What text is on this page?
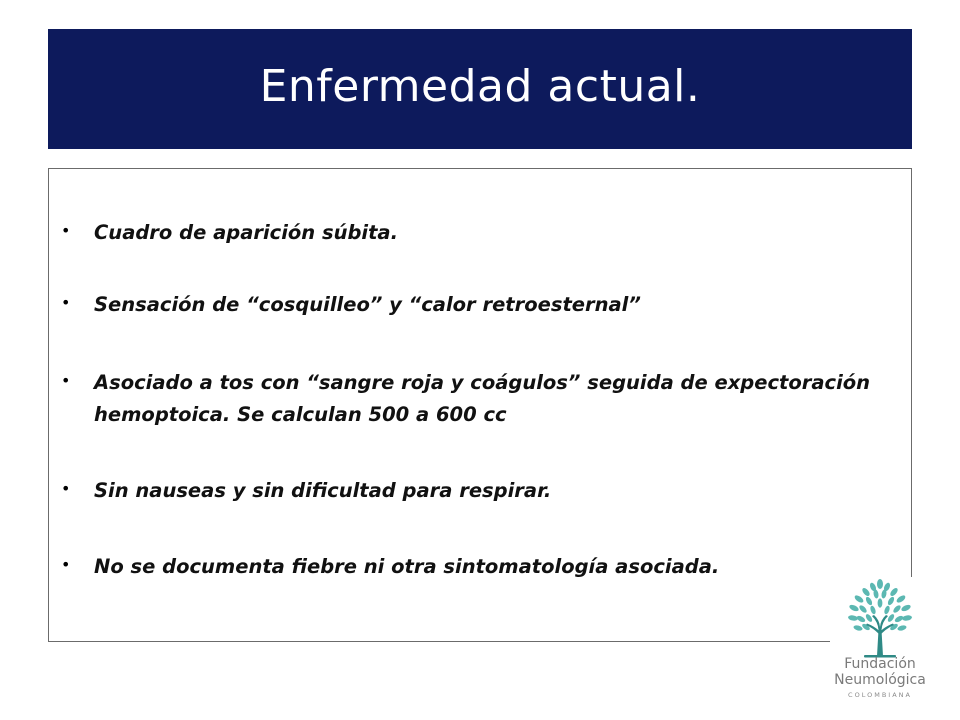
Enfermedad actual.
• Cuadro de aparición súbita.
• Sensación de “cosquilleo” y “calor retroesternal”
• Asociado a tos con “sangre roja y coágulos” seguida de expectoración hemoptoica. Se calculan 500 a 600 cc
• Sin nauseas y sin dificultad para respirar.
• No se documenta fiebre ni otra sintomatología asociada.
Fundación
Neumológica
COLOMBIANA
